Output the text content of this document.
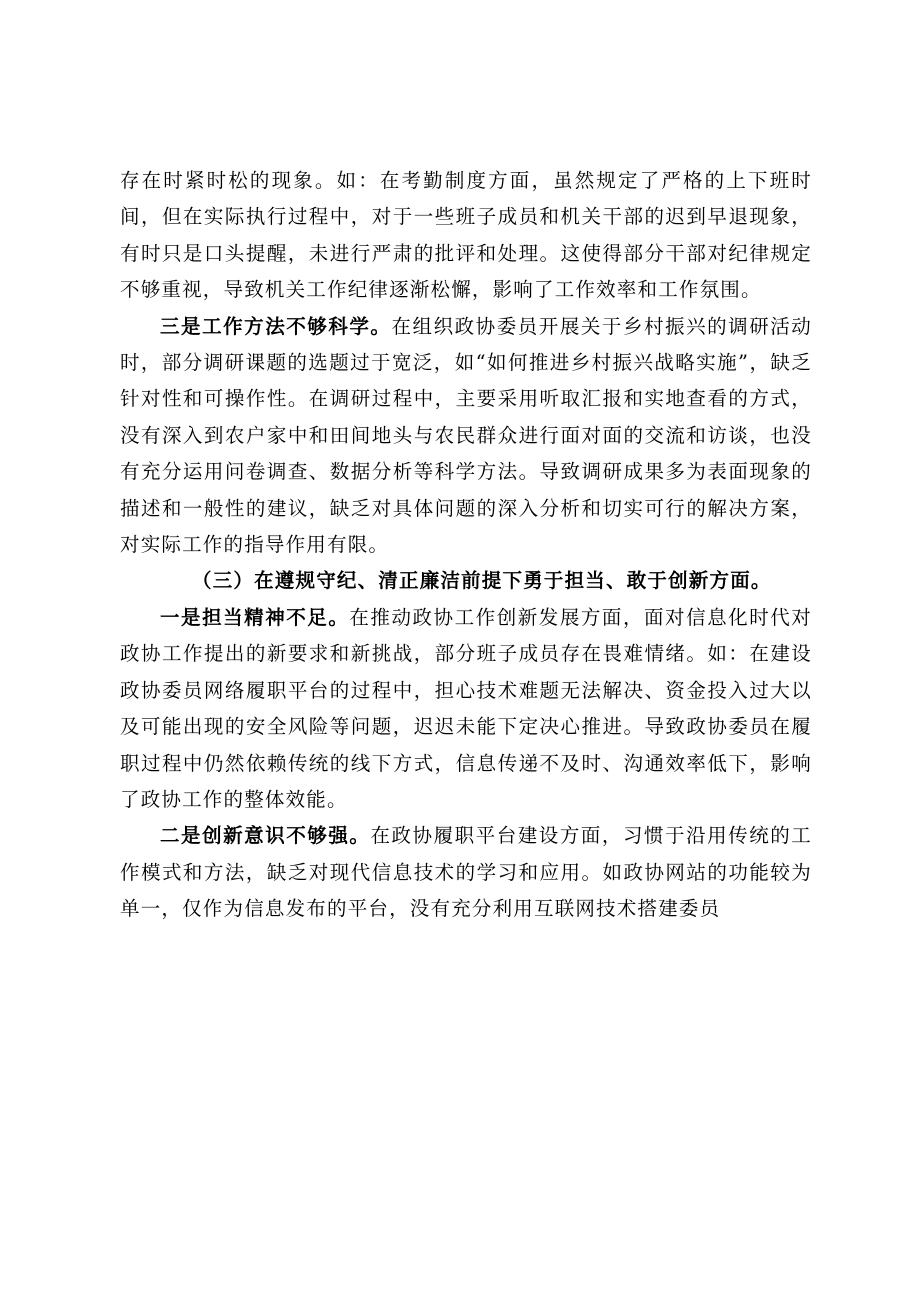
存在时紧时松的现象。如：在考勤制度方面，虽然规定了严格的上下班时间，但在实际执行过程中，对于一些班子成员和机关干部的迟到早退现象，有时只是口头提醒，未进行严肃的批评和处理。这使得部分干部对纪律规定不够重视，导致机关工作纪律逐渐松懈，影响了工作效率和工作氛围。

三是工作方法不够科学。在组织政协委员开展关于乡村振兴的调研活动时，部分调研课题的选题过于宽泛，如“如何推进乡村振兴战略实施”，缺乏针对性和可操作性。在调研过程中，主要采用听取汇报和实地查看的方式，没有深入到农户家中和田间地头与农民群众进行面对面的交流和访谈，也没有充分运用问卷调查、数据分析等科学方法。导致调研成果多为表面现象的描述和一般性的建议，缺乏对具体问题的深入分析和切实可行的解决方案，对实际工作的指导作用有限。

（三）在遵规守纪、清正廉洁前提下勇于担当、敢于创新方面。

一是担当精神不足。在推动政协工作创新发展方面，面对信息化时代对政协工作提出的新要求和新挑战，部分班子成员存在畏难情绪。如：在建设政协委员网络履职平台的过程中，担心技术难题无法解决、资金投入过大以及可能出现的安全风险等问题，迟迟未能下定决心推进。导致政协委员在履职过程中仍然依赖传统的线下方式，信息传递不及时、沟通效率低下，影响了政协工作的整体效能。

二是创新意识不够强。在政协履职平台建设方面，习惯于沿用传统的工作模式和方法，缺乏对现代信息技术的学习和应用。如政协网站的功能较为单一，仅作为信息发布的平台，没有充分利用互联网技术搭建委员
